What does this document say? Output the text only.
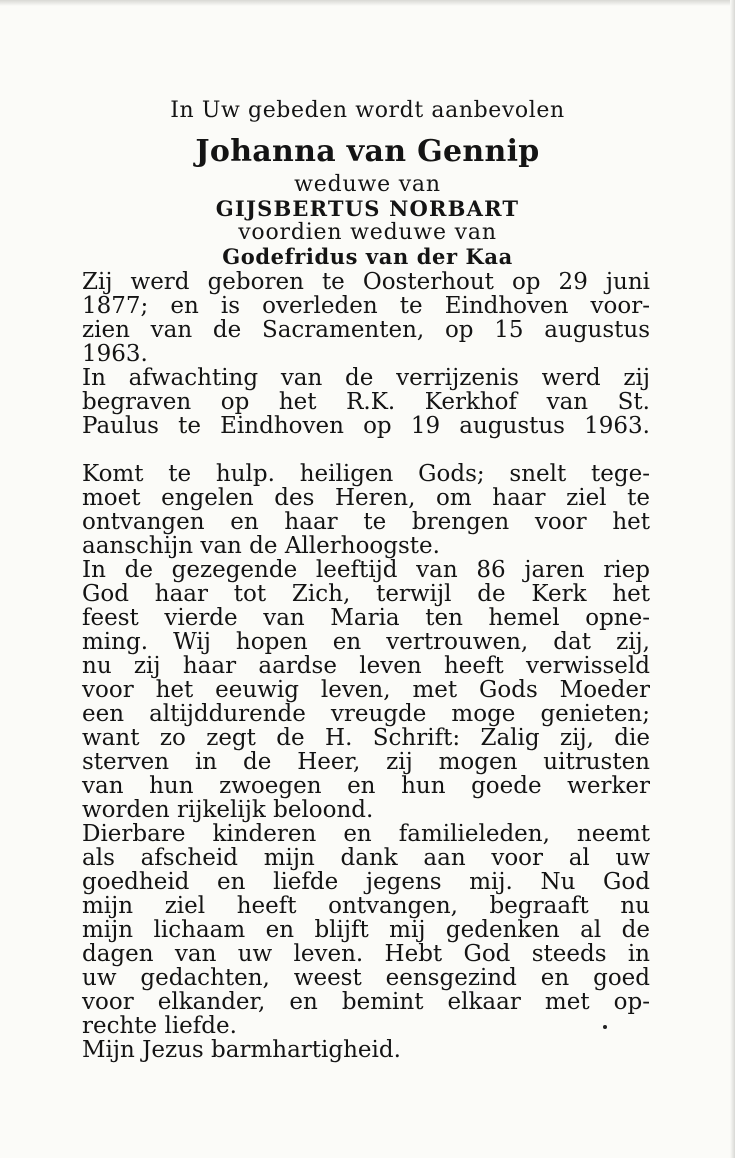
In Uw gebeden wordt aanbevolen
Johanna van Gennip
weduwe van
GIJSBERTUS NORBART
voordien weduwe van
Godefridus van der Kaa
Zij werd geboren te Oosterhout op 29 juni
1877; en is overleden te Eindhoven voor-
zien van de Sacramenten, op 15 augustus
1963.
In afwachting van de verrijzenis werd zij
begraven op het R.K. Kerkhof van St.
Paulus te Eindhoven op 19 augustus 1963.
Komt te hulp. heiligen Gods; snelt tege-
moet engelen des Heren, om haar ziel te
ontvangen en haar te brengen voor het
aanschijn van de Allerhoogste.
In de gezegende leeftijd van 86 jaren riep
God haar tot Zich, terwijl de Kerk het
feest vierde van Maria ten hemel opne-
ming. Wij hopen en vertrouwen, dat zij,
nu zij haar aardse leven heeft verwisseld
voor het eeuwig leven, met Gods Moeder
een altijddurende vreugde moge genieten;
want zo zegt de H. Schrift: Zalig zij, die
sterven in de Heer, zij mogen uitrusten
van hun zwoegen en hun goede werker
worden rijkelijk beloond.
Dierbare kinderen en familieleden, neemt
als afscheid mijn dank aan voor al uw
goedheid en liefde jegens mij. Nu God
mijn ziel heeft ontvangen, begraaft nu
mijn lichaam en blijft mij gedenken al de
dagen van uw leven. Hebt God steeds in
uw gedachten, weest eensgezind en goed
voor elkander, en bemint elkaar met op-
rechte liefde.
Mijn Jezus barmhartigheid.
